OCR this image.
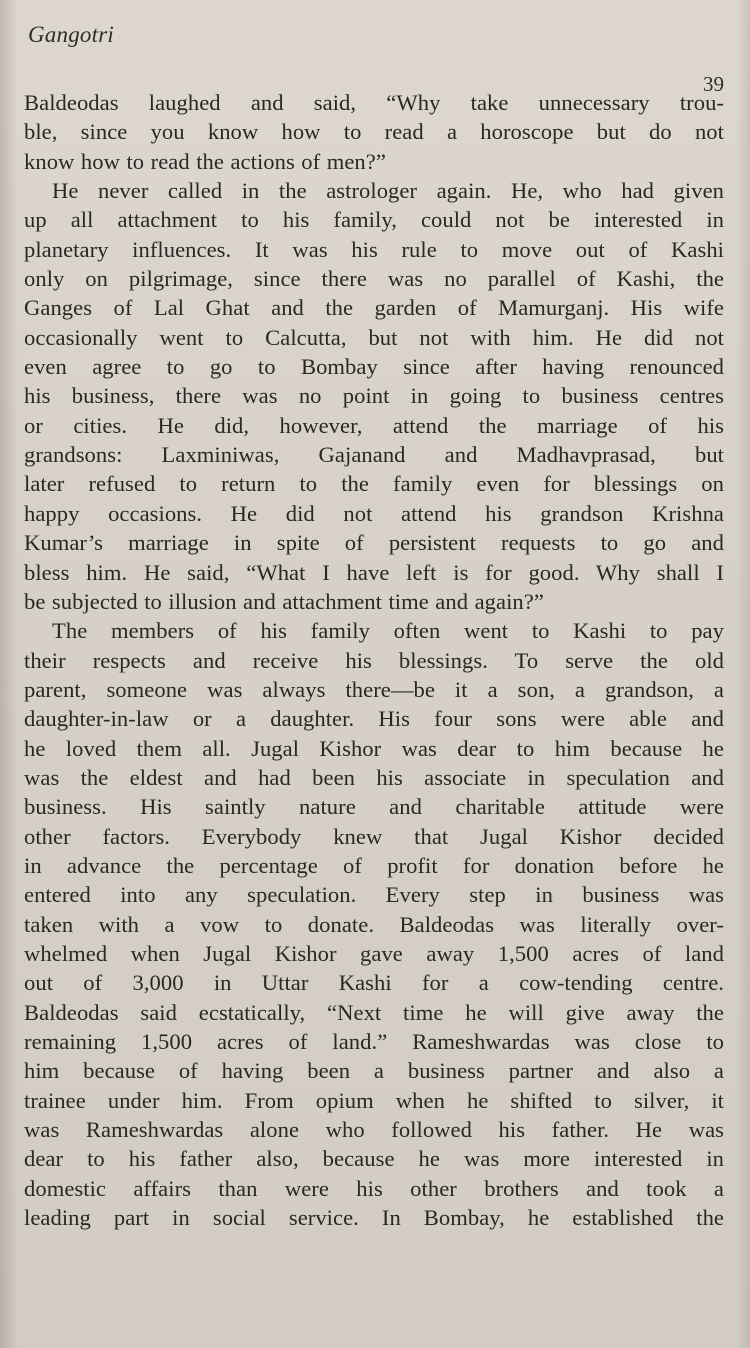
Gangotri

39

Baldeodas laughed and said, “Why take unnecessary trou-
ble, since you know how to read a horoscope but do not
know how to read the actions of men?”
He never called in the astrologer again. He, who had given
up all attachment to his family, could not be interested in
planetary influences. It was his rule to move out of Kashi
only on pilgrimage, since there was no parallel of Kashi, the
Ganges of Lal Ghat and the garden of Mamurganj. His wife
occasionally went to Calcutta, but not with him. He did not
even agree to go to Bombay since after having renounced
his business, there was no point in going to business centres
or cities. He did, however, attend the marriage of his
grandsons: Laxminiwas, Gajanand and Madhavprasad, but
later refused to return to the family even for blessings on
happy occasions. He did not attend his grandson Krishna
Kumar’s marriage in spite of persistent requests to go and
bless him. He said, “What I have left is for good. Why shall I
be subjected to illusion and attachment time and again?”
The members of his family often went to Kashi to pay
their respects and receive his blessings. To serve the old
parent, someone was always there—be it a son, a grandson, a
daughter-in-law or a daughter. His four sons were able and
he loved them all. Jugal Kishor was dear to him because he
was the eldest and had been his associate in speculation and
business. His saintly nature and charitable attitude were
other factors. Everybody knew that Jugal Kishor decided
in advance the percentage of profit for donation before he
entered into any speculation. Every step in business was
taken with a vow to donate. Baldeodas was literally over-
whelmed when Jugal Kishor gave away 1,500 acres of land
out of 3,000 in Uttar Kashi for a cow-tending centre.
Baldeodas said ecstatically, “Next time he will give away the
remaining 1,500 acres of land.” Rameshwardas was close to
him because of having been a business partner and also a
trainee under him. From opium when he shifted to silver, it
was Rameshwardas alone who followed his father. He was
dear to his father also, because he was more interested in
domestic affairs than were his other brothers and took a
leading part in social service. In Bombay, he established the
